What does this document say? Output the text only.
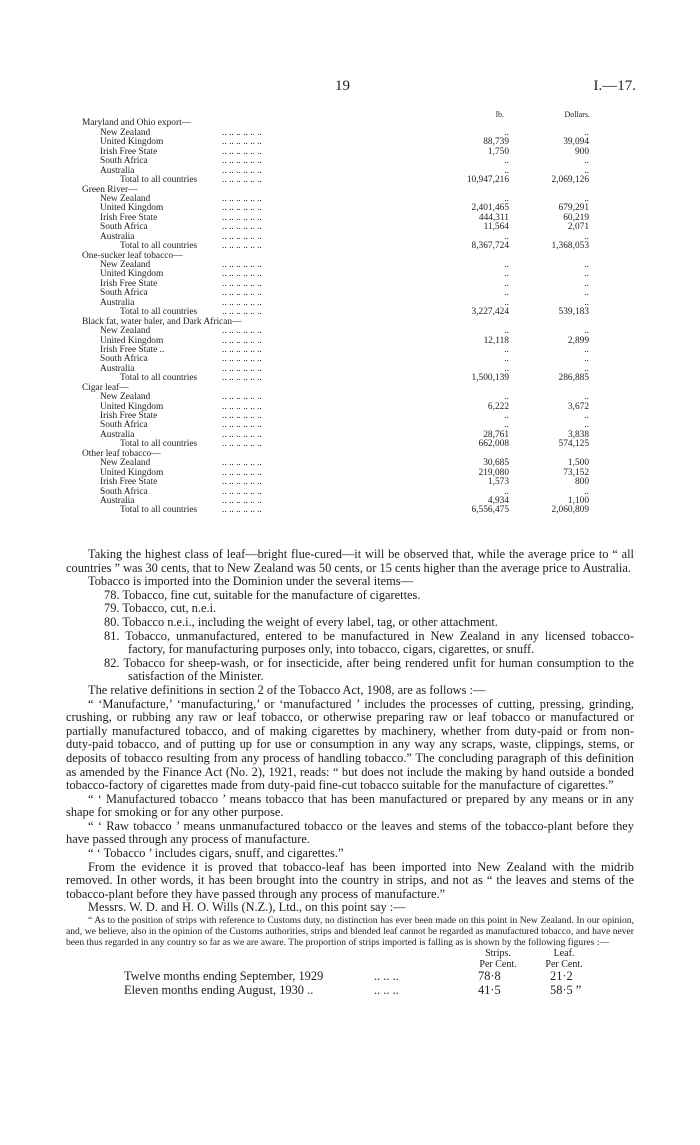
19	I.—17.
lb.	Dollars.
Maryland and Ohio export—
New Zealand	.. .. .. .. .. ..	..	..
United Kingdom	.. .. .. .. .. ..	88,739	39,094
Irish Free State	.. .. .. .. .. ..	1,750	900
South Africa	.. .. .. .. .. ..	..	..
Australia	.. .. .. .. .. ..	..	..
Total to all countries	.. .. .. .. .. ..	10,947,216	2,069,126
Green River—
New Zealand	.. .. .. .. .. ..	..	..
United Kingdom	.. .. .. .. .. ..	2,401,465	679,291
Irish Free State	.. .. .. .. .. ..	444,311	60,219
South Africa	.. .. .. .. .. ..	11,564	2,071
Australia	.. .. .. .. .. ..	..	..
Total to all countries	.. .. .. .. .. ..	8,367,724	1,368,053
One-sucker leaf tobacco—
New Zealand	.. .. .. .. .. ..	..	..
United Kingdom	.. .. .. .. .. ..	..	..
Irish Free State	.. .. .. .. .. ..	..	..
South Africa	.. .. .. .. .. ..	..	..
Australia	.. .. .. .. .. ..	..	..
Total to all countries	.. .. .. .. .. ..	3,227,424	539,183
Black fat, water baler, and Dark African—
New Zealand	.. .. .. .. .. ..	..	..
United Kingdom	.. .. .. .. .. ..	12,118	2,899
Irish Free State ..	.. .. .. .. .. ..	..	..
South Africa	.. .. .. .. .. ..	..	..
Australia	.. .. .. .. .. ..	..	..
Total to all countries	.. .. .. .. .. ..	1,500,139	286,885
Cigar leaf—
New Zealand	.. .. .. .. .. ..	..	..
United Kingdom	.. .. .. .. .. ..	6,222	3,672
Irish Free State	.. .. .. .. .. ..	..	..
South Africa	.. .. .. .. .. ..	..	..
Australia	.. .. .. .. .. ..	28,761	3,838
Total to all countries	.. .. .. .. .. ..	662,008	574,125
Other leaf tobacco—
New Zealand	.. .. .. .. .. ..	30,685	1,500
United Kingdom	.. .. .. .. .. ..	219,080	73,152
Irish Free State	.. .. .. .. .. ..	1,573	800
South Africa	.. .. .. .. .. ..	..	..
Australia	.. .. .. .. .. ..	4,934	1,100
Total to all countries	.. .. .. .. .. ..	6,556,475	2,060,809

Taking the highest class of leaf—bright flue-cured—it will be observed that, while the average price to “ all countries ” was 30 cents, that to New Zealand was 50 cents, or 15 cents higher than the average price to Australia.

Tobacco is imported into the Dominion under the several items—

78. Tobacco, fine cut, suitable for the manufacture of cigarettes.

79. Tobacco, cut, n.e.i.

80. Tobacco n.e.i., including the weight of every label, tag, or other attachment.

81. Tobacco, unmanufactured, entered to be manufactured in New Zealand in any licensed tobacco-factory, for manufacturing purposes only, into tobacco, cigars, cigarettes, or snuff.

82. Tobacco for sheep-wash, or for insecticide, after being rendered unfit for human consumption to the satisfaction of the Minister.

The relative definitions in section 2 of the Tobacco Act, 1908, are as follows :—

“ ‘Manufacture,’ ‘manufacturing,’ or ‘manufactured ’ includes the processes of cutting, pressing, grinding, crushing, or rubbing any raw or leaf tobacco, or otherwise preparing raw or leaf tobacco or manufactured or partially manufactured tobacco, and of making cigarettes by machinery, whether from duty-paid or from non-duty-paid tobacco, and of putting up for use or consumption in any way any scraps, waste, clippings, stems, or deposits of tobacco resulting from any process of handling tobacco.” The concluding paragraph of this definition as amended by the Finance Act (No. 2), 1921, reads: “ but does not include the making by hand outside a bonded tobacco-factory of cigarettes made from duty-paid fine-cut tobacco suitable for the manufacture of cigarettes.”

“ ‘ Manufactured tobacco ’ means tobacco that has been manufactured or prepared by any means or in any shape for smoking or for any other purpose.

“ ‘ Raw tobacco ’ means unmanufactured tobacco or the leaves and stems of the tobacco-plant before they have passed through any process of manufacture.

“ ‘ Tobacco ’ includes cigars, snuff, and cigarettes.”

From the evidence it is proved that tobacco-leaf has been imported into New Zealand with the midrib removed. In other words, it has been brought into the country in strips, and not as “ the leaves and stems of the tobacco-plant before they have passed through any process of manufacture.”

Messrs. W. D. and H. O. Wills (N.Z.), Ltd., on this point say :—

“ As to the position of strips with reference to Customs duty, no distinction has ever been made on this point in New Zealand. In our opinion, and, we believe, also in the opinion of the Customs authorities, strips and blended leaf cannot be regarded as manufactured tobacco, and have never been thus regarded in any country so far as we are aware. The proportion of strips imported is falling as is shown by the following figures :—

Strips.
Per Cent.
Leaf.
Per Cent.
Twelve months ending September, 1929	.. .. ..	78·8	21·2
Eleven months ending August, 1930 ..	.. .. ..	41·5	58·5 ”
